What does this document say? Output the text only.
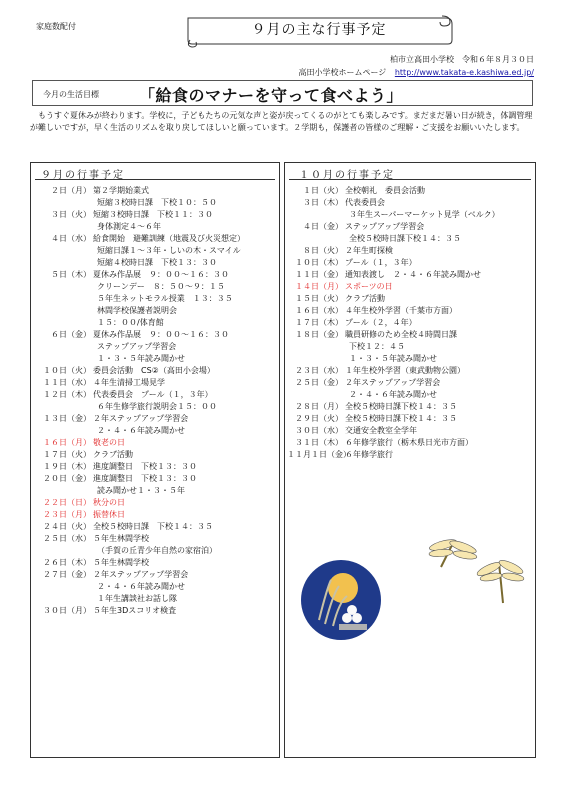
家庭数配付	９月の主な行事予定
柏市立高田小学校　令和６年８月３０日
高田小学校ホームページ http://www.takata-e.kashiwa.ed.jp/
今月の生活目標	「給食のマナーを守って食べよう」
もうすぐ夏休みが終わります。学校に，子どもたちの元気な声と姿が戻ってくるのがとても楽しみです。まだまだ暑い日が続き，体調管理が難しいですが，早く生活のリズムを取り戻してほしいと願っています。２学期も，保護者の皆様のご理解・ご支援をお願いいたします。
９月の行事予定
２日（月） 第２学期始業式
短縮３校時日課　下校１０：５０
３日（火） 短縮３校時日課　下校１１：３０
身体測定４～６年
４日（水） 給食開始　避難訓練（地震及び火災想定）
短縮日課１～３年・しいの木・スマイル
短縮４校時日課　下校１３：３０
５日（木） 夏休み作品展　９：００～１６：３０
クリーンデー　８：５０～９：１５
５年生ネットモラル授業　１３：３５
林間学校保護者説明会
１５：００/体育館
６日（金） 夏休み作品展　９：００～１６：３０
ステップアップ学習会
１・３・５年読み聞かせ
１０日（火） 委員会活動　CS②（高田小会場）
１１日（水） ４年生清掃工場見学
１２日（木） 代表委員会　プール（１，３年）
６年生修学旅行説明会１５：００
１３日（金） ２年ステップアップ学習会
２・４・６年読み聞かせ
１６日（月） 敬老の日
１７日（火） クラブ活動
１９日（木） 進度調整日　下校１３：３０
２０日（金） 進度調整日　下校１３：３０
読み聞かせ１・３・５年
２２日（日） 秋分の日
２３日（月） 振替休日
２４日（火） 全校５校時日課　下校１４：３５
２５日（水） ５年生林間学校
（手賀の丘青少年自然の家宿泊）
２６日（木） ５年生林間学校
２７日（金） ２年ステップアップ学習会
２・４・６年読み聞かせ
１年生講談社お話し隊
３０日（月） ５年生3Dスコリオ検査
１０月の行事予定
１日（火） 全校朝礼　委員会活動
３日（木） 代表委員会
３年生スーパーマーケット見学（ベルク）
４日（金） ステップアップ学習会
全校５校時日課下校１４：３５
８日（火） ２年生町探検
１０日（木） プール（１，３年）
１１日（金） 通知表渡し　２・４・６年読み聞かせ
１４日（月） スポーツの日
１５日（火） クラブ活動
１６日（水） ４年生校外学習（千葉市方面）
１７日（木） プール（２，４年）
１８日（金） 職員研修のため全校４時間日課
下校１２：４５
１・３・５年読み聞かせ
２３日（水） １年生校外学習（東武動物公園）
２５日（金） ２年ステップアップ学習会
２・４・６年読み聞かせ
２８日（月） 全校５校時日課下校１４：３５
２９日（火） 全校５校時日課下校１４：３５
３０日（水） 交通安全教室全学年
３１日（木） ６年修学旅行（栃木県日光市方面）
１１月１日（金）
６年修学旅行
